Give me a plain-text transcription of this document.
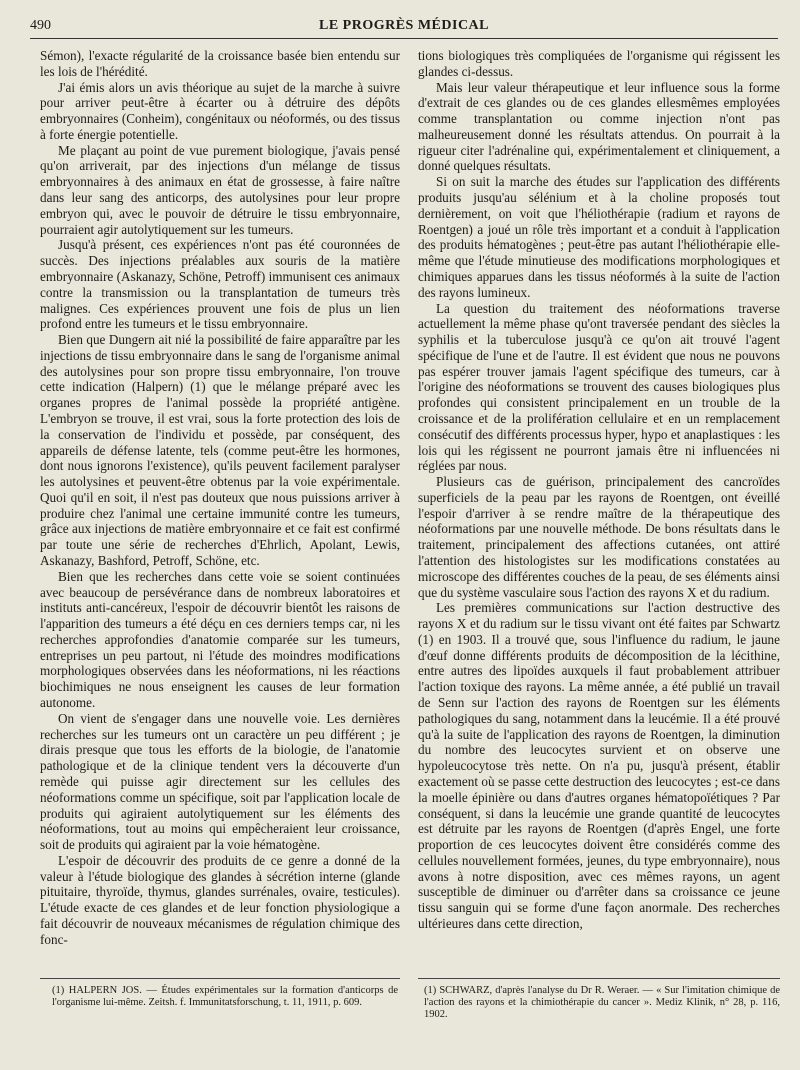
490	LE PROGRÈS MÉDICAL

Sémon), l'exacte régularité de la croissance basée bien entendu sur les lois de l'hérédité.

J'ai émis alors un avis théorique au sujet de la marche à suivre pour arriver peut-être à écarter ou à détruire des dépôts embryonnaires (Conheim), congénitaux ou néoformés, ou des tissus à forte énergie potentielle.

Me plaçant au point de vue purement biologique, j'avais pensé qu'on arriverait, par des injections d'un mélange de tissus embryonnaires à des animaux en état de grossesse, à faire naître dans leur sang des anticorps, des autolysines pour leur propre embryon qui, avec le pouvoir de détruire le tissu embryonnaire, pourraient agir autolytiquement sur les tumeurs.

Jusqu'à présent, ces expériences n'ont pas été couronnées de succès. Des injections préalables aux souris de la matière embryonnaire (Askanazy, Schöne, Petroff) immunisent ces animaux contre la transmission ou la transplantation de tumeurs très malignes. Ces expériences prouvent une fois de plus un lien profond entre les tumeurs et le tissu embryonnaire.

Bien que Dungern ait nié la possibilité de faire apparaître par les injections de tissu embryonnaire dans le sang de l'organisme animal des autolysines pour son propre tissu embryonnaire, l'on trouve cette indication (Halpern) (1) que le mélange préparé avec les organes propres de l'animal possède la propriété antigène. L'embryon se trouve, il est vrai, sous la forte protection des lois de la conservation de l'individu et possède, par conséquent, des appareils de défense latente, tels (comme peut-être les hormones, dont nous ignorons l'existence), qu'ils peuvent facilement paralyser les autolysines et peuvent-être obtenus par la voie expérimentale. Quoi qu'il en soit, il n'est pas douteux que nous puissions arriver à produire chez l'animal une certaine immunité contre les tumeurs, grâce aux injections de matière embryonnaire et ce fait est confirmé par toute une série de recherches d'Ehrlich, Apolant, Lewis, Askanazy, Bashford, Petroff, Schöne, etc.

Bien que les recherches dans cette voie se soient continuées avec beaucoup de persévérance dans de nombreux laboratoires et instituts anti-cancéreux, l'espoir de découvrir bientôt les raisons de l'apparition des tumeurs a été déçu en ces derniers temps car, ni les recherches approfondies d'anatomie comparée sur les tumeurs, entreprises un peu partout, ni l'étude des moindres modifications morphologiques observées dans les néoformations, ni les réactions biochimiques ne nous enseignent les causes de leur formation autonome.

On vient de s'engager dans une nouvelle voie. Les dernières recherches sur les tumeurs ont un caractère un peu différent ; je dirais presque que tous les efforts de la biologie, de l'anatomie pathologique et de la clinique tendent vers la découverte d'un remède qui puisse agir directement sur les cellules des néoformations comme un spécifique, soit par l'application locale de produits qui agiraient autolytiquement sur les éléments des néoformations, tout au moins qui empêcheraient leur croissance, soit de produits qui agiraient par la voie hématogène.

L'espoir de découvrir des produits de ce genre a donné de la valeur à l'étude biologique des glandes à sécrétion interne (glande pituitaire, thyroïde, thymus, glandes surrénales, ovaire, testicules). L'étude exacte de ces glandes et de leur fonction physiologique a fait découvrir de nouveaux mécanismes de régulation chimique des fonc-

tions biologiques très compliquées de l'organisme qui régissent les glandes ci-dessus.

Mais leur valeur thérapeutique et leur influence sous la forme d'extrait de ces glandes ou de ces glandes ellesmêmes employées comme transplantation ou comme injection n'ont pas malheureusement donné les résultats attendus. On pourrait à la rigueur citer l'adrénaline qui, expérimentalement et cliniquement, a donné quelques résultats.

Si on suit la marche des études sur l'application des différents produits jusqu'au sélénium et à la choline proposés tout dernièrement, on voit que l'héliothérapie (radium et rayons de Roentgen) a joué un rôle très important et a conduit à l'application des produits hématogènes ; peut-être pas autant l'héliothérapie elle-même que l'étude minutieuse des modifications morphologiques et chimiques apparues dans les tissus néoformés à la suite de l'action des rayons lumineux.

La question du traitement des néoformations traverse actuellement la même phase qu'ont traversée pendant des siècles la syphilis et la tuberculose jusqu'à ce qu'on ait trouvé l'agent spécifique de l'une et de l'autre. Il est évident que nous ne pouvons pas espérer trouver jamais l'agent spécifique des tumeurs, car à l'origine des néoformations se trouvent des causes biologiques plus profondes qui consistent principalement en un trouble de la croissance et de la prolifération cellulaire et en un remplacement consécutif des différents processus hyper, hypo et anaplastiques : les lois qui les régissent ne pourront jamais être ni influencées ni réglées par nous.

Plusieurs cas de guérison, principalement des cancroïdes superficiels de la peau par les rayons de Roentgen, ont éveillé l'espoir d'arriver à se rendre maître de la thérapeutique des néoformations par une nouvelle méthode. De bons résultats dans le traitement, principalement des affections cutanées, ont attiré l'attention des histologistes sur les modifications constatées au microscope des différentes couches de la peau, de ses éléments ainsi que du système vasculaire sous l'action des rayons X et du radium.

Les premières communications sur l'action destructive des rayons X et du radium sur le tissu vivant ont été faites par Schwartz (1) en 1903. Il a trouvé que, sous l'influence du radium, le jaune d'œuf donne différents produits de décomposition de la lécithine, entre autres des lipoïdes auxquels il faut probablement attribuer l'action toxique des rayons. La même année, a été publié un travail de Senn sur l'action des rayons de Roentgen sur les éléments pathologiques du sang, notamment dans la leucémie. Il a été prouvé qu'à la suite de l'application des rayons de Roentgen, la diminution du nombre des leucocytes survient et on observe une hypoleucocytose très nette. On n'a pu, jusqu'à présent, établir exactement où se passe cette destruction des leucocytes ; est-ce dans la moelle épinière ou dans d'autres organes hématopoïétiques ? Par conséquent, si dans la leucémie une grande quantité de leucocytes est détruite par les rayons de Roentgen (d'après Engel, une forte proportion de ces leucocytes doivent être considérés comme des cellules nouvellement formées, jeunes, du type embryonnaire), nous avons à notre disposition, avec ces mêmes rayons, un agent susceptible de diminuer ou d'arrêter dans sa croissance ce jeune tissu sanguin qui se forme d'une façon anormale. Des recherches ultérieures dans cette direction,

(1) HALPERN JOS. — Études expérimentales sur la formation d'anticorps de l'organisme lui-même. Zeitsh. f. Immunitatsforschung, t. 11, 1911, p. 609.
(1) SCHWARZ, d'après l'analyse du Dr R. Weraer. — « Sur l'imitation chimique de l'action des rayons et la chimiothérapie du cancer ». Mediz Klinik, n° 28, p. 116, 1902.
